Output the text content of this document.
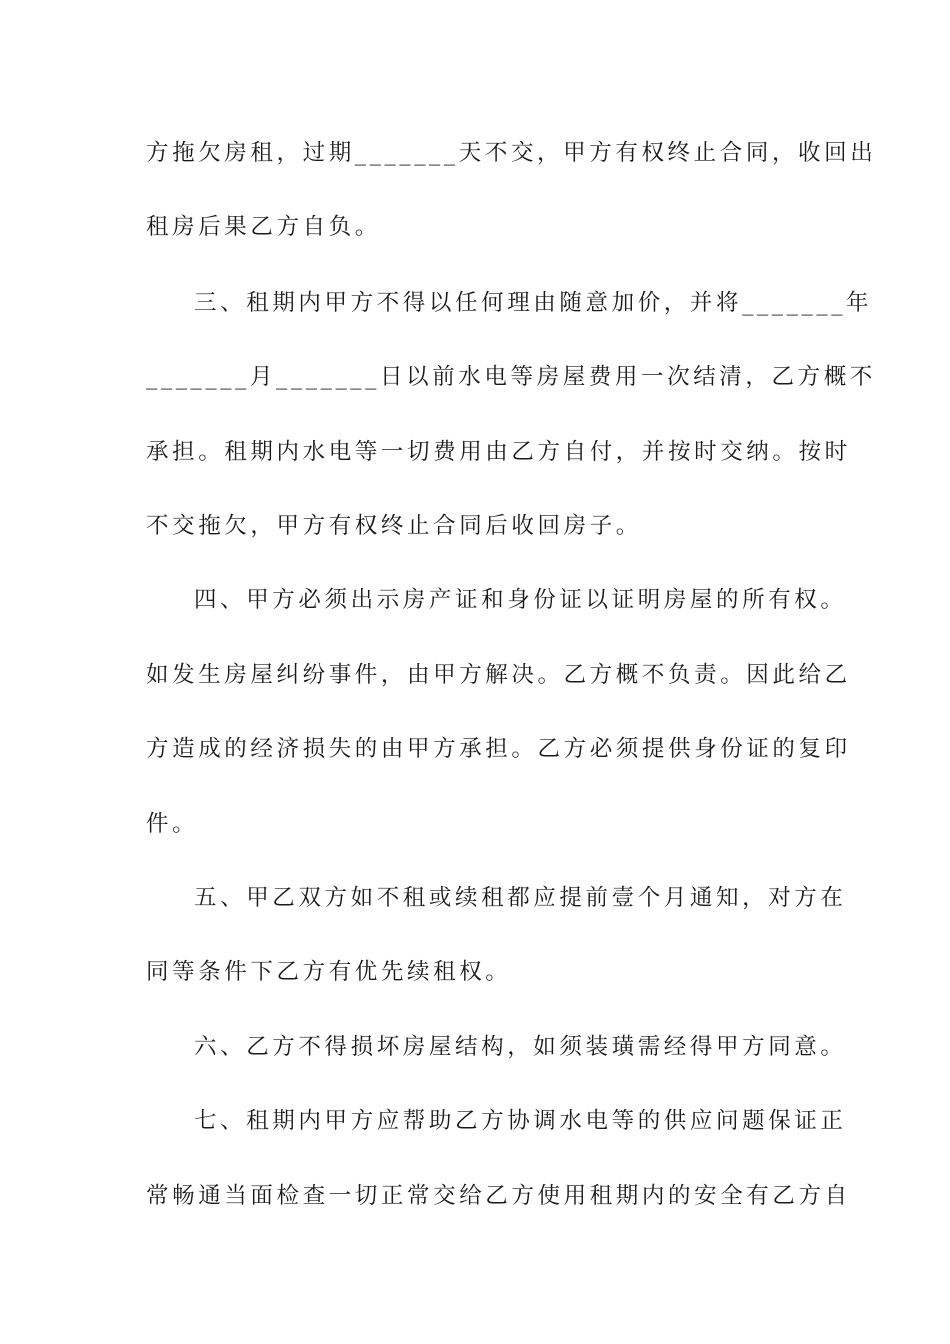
方拖欠房租，过期_______天不交，甲方有权终止合同，收回出
租房后果乙方自负。
三、租期内甲方不得以任何理由随意加价，并将_______年
_______月_______日以前水电等房屋费用一次结清，乙方概不
承担。租期内水电等一切费用由乙方自付，并按时交纳。按时
不交拖欠，甲方有权终止合同后收回房子。
四、甲方必须出示房产证和身份证以证明房屋的所有权。
如发生房屋纠纷事件，由甲方解决。乙方概不负责。因此给乙
方造成的经济损失的由甲方承担。乙方必须提供身份证的复印
件。
五、甲乙双方如不租或续租都应提前壹个月通知，对方在
同等条件下乙方有优先续租权。
六、乙方不得损坏房屋结构，如须装璜需经得甲方同意。
七、租期内甲方应帮助乙方协调水电等的供应问题保证正
常畅通当面检查一切正常交给乙方使用租期内的安全有乙方自
